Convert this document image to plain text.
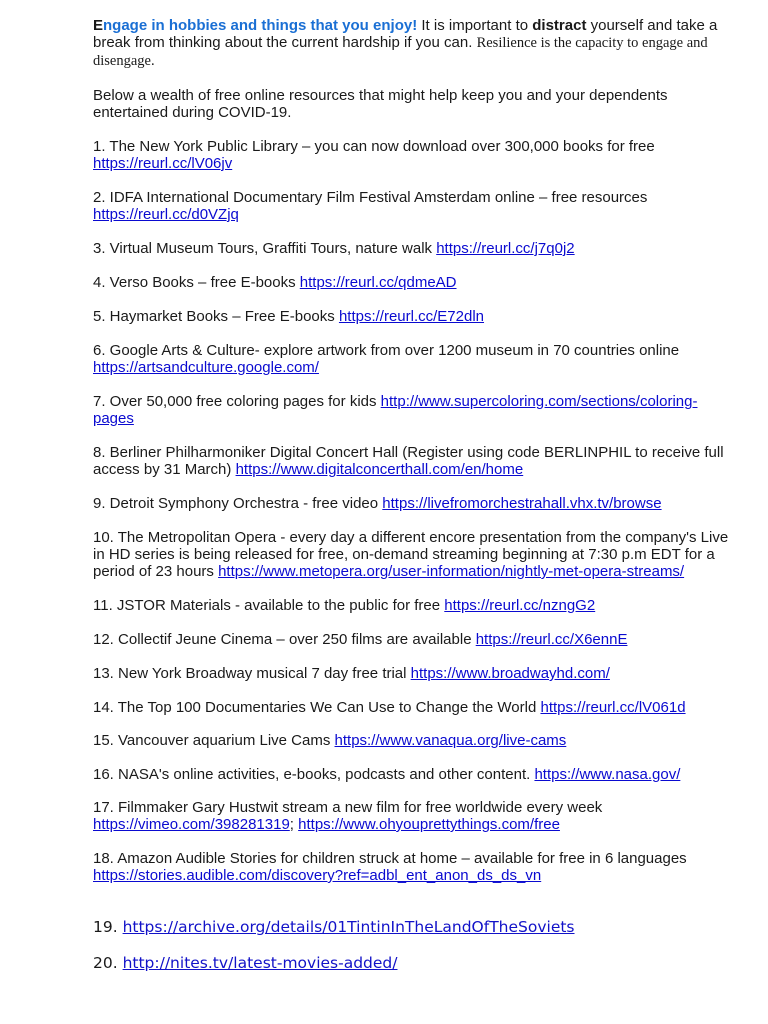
Engage in hobbies and things that you enjoy! It is important to distract yourself and take a break from thinking about the current hardship if you can. Resilience is the capacity to engage and disengage.

Below a wealth of free online resources that might help keep you and your dependents entertained during COVID-19.

1. The New York Public Library – you can now download over 300,000 books for free https://reurl.cc/lV06jv

2. IDFA International Documentary Film Festival Amsterdam online – free resources https://reurl.cc/d0VZjq

3. Virtual Museum Tours, Graffiti Tours, nature walk https://reurl.cc/j7q0j2

4. Verso Books – free E-books https://reurl.cc/qdmeAD

5. Haymarket Books – Free E-books https://reurl.cc/E72dln

6. Google Arts & Culture- explore artwork from over 1200 museum in 70 countries online https://artsandculture.google.com/

7. Over 50,000 free coloring pages for kids http://www.supercoloring.com/sections/coloring-pages

8. Berliner Philharmoniker Digital Concert Hall (Register using code BERLINPHIL to receive full access by 31 March) https://www.digitalconcerthall.com/en/home

9. Detroit Symphony Orchestra - free video https://livefromorchestrahall.vhx.tv/browse

10. The Metropolitan Opera - every day a different encore presentation from the company's Live in HD series is being released for free, on-demand streaming beginning at 7:30 p.m EDT for a period of 23 hours https://www.metopera.org/user-information/nightly-met-opera-streams/

11. JSTOR Materials - available to the public for free https://reurl.cc/nzngG2

12. Collectif Jeune Cinema – over 250 films are available https://reurl.cc/X6ennE

13. New York Broadway musical 7 day free trial https://www.broadwayhd.com/

14. The Top 100 Documentaries We Can Use to Change the World https://reurl.cc/lV061d

15. Vancouver aquarium Live Cams https://www.vanaqua.org/live-cams

16. NASA's online activities, e-books, podcasts and other content. https://www.nasa.gov/

17. Filmmaker Gary Hustwit stream a new film for free worldwide every week https://vimeo.com/398281319; https://www.ohyouprettythings.com/free

18. Amazon Audible Stories for children struck at home – available for free in 6 languages https://stories.audible.com/discovery?ref=adbl_ent_anon_ds_ds_vn

19. https://archive.org/details/01TintinInTheLandOfTheSoviets

20. http://nites.tv/latest-movies-added/
